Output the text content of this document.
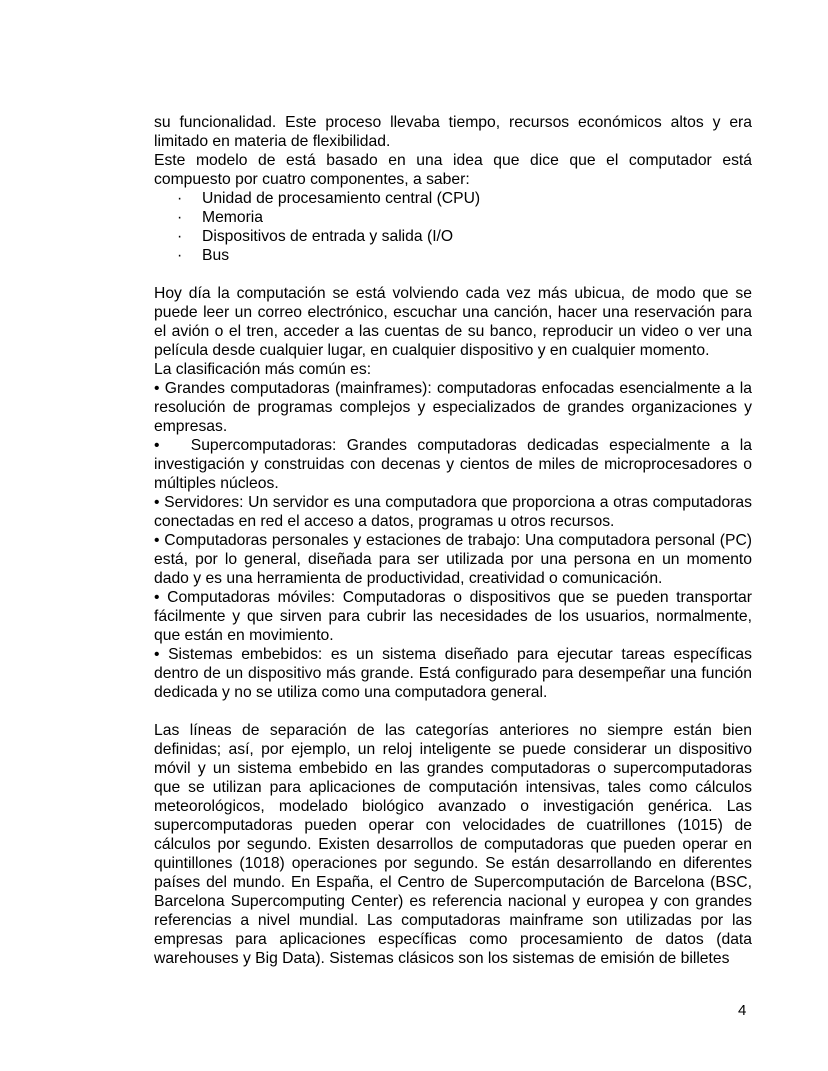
su funcionalidad. Este proceso llevaba tiempo, recursos económicos altos y era limitado en materia de flexibilidad.

Este modelo de está basado en una idea que dice que el computador está compuesto por cuatro componentes, a saber:

· Unidad de procesamiento central (CPU)
· Memoria
· Dispositivos de entrada y salida (I/O
· Bus

Hoy día la computación se está volviendo cada vez más ubicua, de modo que se puede leer un correo electrónico, escuchar una canción, hacer una reservación para el avión o el tren, acceder a las cuentas de su banco, reproducir un video o ver una película desde cualquier lugar, en cualquier dispositivo y en cualquier momento.

La clasificación más común es:

• Grandes computadoras (mainframes): computadoras enfocadas esencialmente a la resolución de programas complejos y especializados de grandes organizaciones y empresas.

• Supercomputadoras: Grandes computadoras dedicadas especialmente a la investigación y construidas con decenas y cientos de miles de microprocesadores o múltiples núcleos.

• Servidores: Un servidor es una computadora que proporciona a otras computadoras conectadas en red el acceso a datos, programas u otros recursos.

• Computadoras personales y estaciones de trabajo: Una computadora personal (PC) está, por lo general, diseñada para ser utilizada por una persona en un momento dado y es una herramienta de productividad, creatividad o comunicación.

• Computadoras móviles: Computadoras o dispositivos que se pueden transportar fácilmente y que sirven para cubrir las necesidades de los usuarios, normalmente, que están en movimiento.

• Sistemas embebidos: es un sistema diseñado para ejecutar tareas específicas dentro de un dispositivo más grande. Está configurado para desempeñar una función dedicada y no se utiliza como una computadora general.

Las líneas de separación de las categorías anteriores no siempre están bien definidas; así, por ejemplo, un reloj inteligente se puede considerar un dispositivo móvil y un sistema embebido en las grandes computadoras o supercomputadoras que se utilizan para aplicaciones de computación intensivas, tales como cálculos meteorológicos, modelado biológico avanzado o investigación genérica. Las supercomputadoras pueden operar con velocidades de cuatrillones (1015) de cálculos por segundo. Existen desarrollos de computadoras que pueden operar en quintillones (1018) operaciones por segundo. Se están desarrollando en diferentes países del mundo. En España, el Centro de Supercomputación de Barcelona (BSC, Barcelona Supercomputing Center) es referencia nacional y europea y con grandes referencias a nivel mundial. Las computadoras mainframe son utilizadas por las empresas para aplicaciones específicas como procesamiento de datos (data warehouses y Big Data). Sistemas clásicos son los sistemas de emisión de billetes

4
